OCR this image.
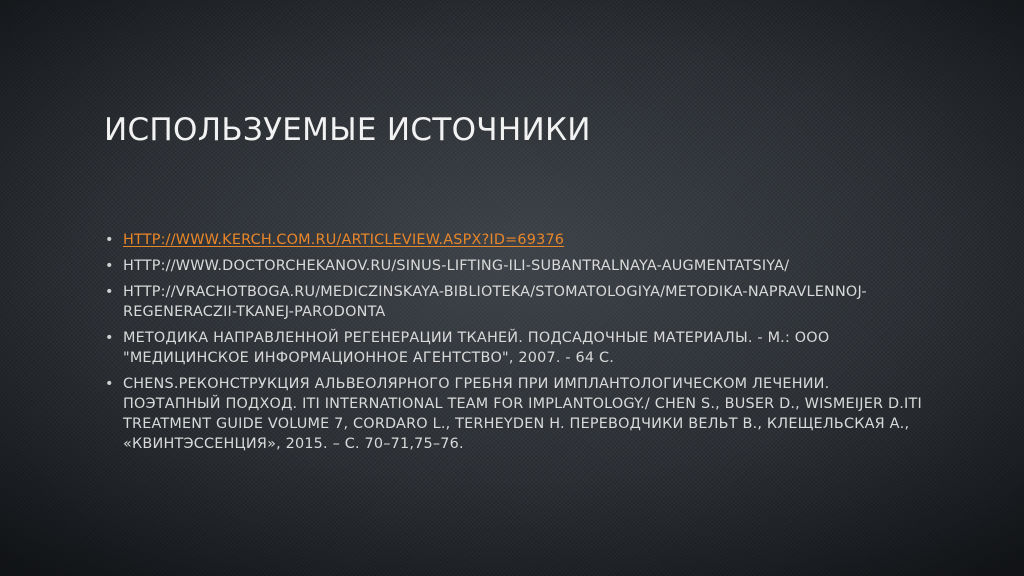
ИСПОЛЬЗУЕМЫЕ ИСТОЧНИКИ
• HTTP://WWW.KERCH.COM.RU/ARTICLEVIEW.ASPX?ID=69376
• HTTP://WWW.DOCTORCHEKANOV.RU/SINUS-LIFTING-ILI-SUBANTRALNAYA-AUGMENTATSIYA/
• HTTP://VRACHOTBOGA.RU/MEDICZINSKAYA-BIBLIOTEKA/STOMATOLOGIYA/METODIKA-NAPRAVLENNOJ-REGENERACZII-TKANEJ-PARODONTA
• МЕТОДИКА НАПРАВЛЕННОЙ РЕГЕНЕРАЦИИ ТКАНЕЙ. ПОДСАДОЧНЫЕ МАТЕРИАЛЫ. - М.: ООО "МЕДИЦИНСКОЕ ИНФОРМАЦИОННОЕ АГЕНТСТВО", 2007. - 64 С.
• CHENS.РЕКОНСТРУКЦИЯ АЛЬВЕОЛЯРНОГО ГРЕБНЯ ПРИ ИМПЛАНТОЛОГИЧЕСКОМ ЛЕЧЕНИИ. ПОЭТАПНЫЙ ПОДХОД. ITI INTERNATIONAL TEAM FOR IMPLANTOLOGY./ CHEN S., BUSER D., WISMEIJER D.ITI TREATMENT GUIDE VOLUME 7, CORDARO L., TERHEYDEN H. ПЕРЕВОДЧИКИ ВЕЛЬТ В., КЛЕЩЕЛЬСКАЯ А., «КВИНТЭССЕНЦИЯ», 2015. – С. 70–71,75–76.
